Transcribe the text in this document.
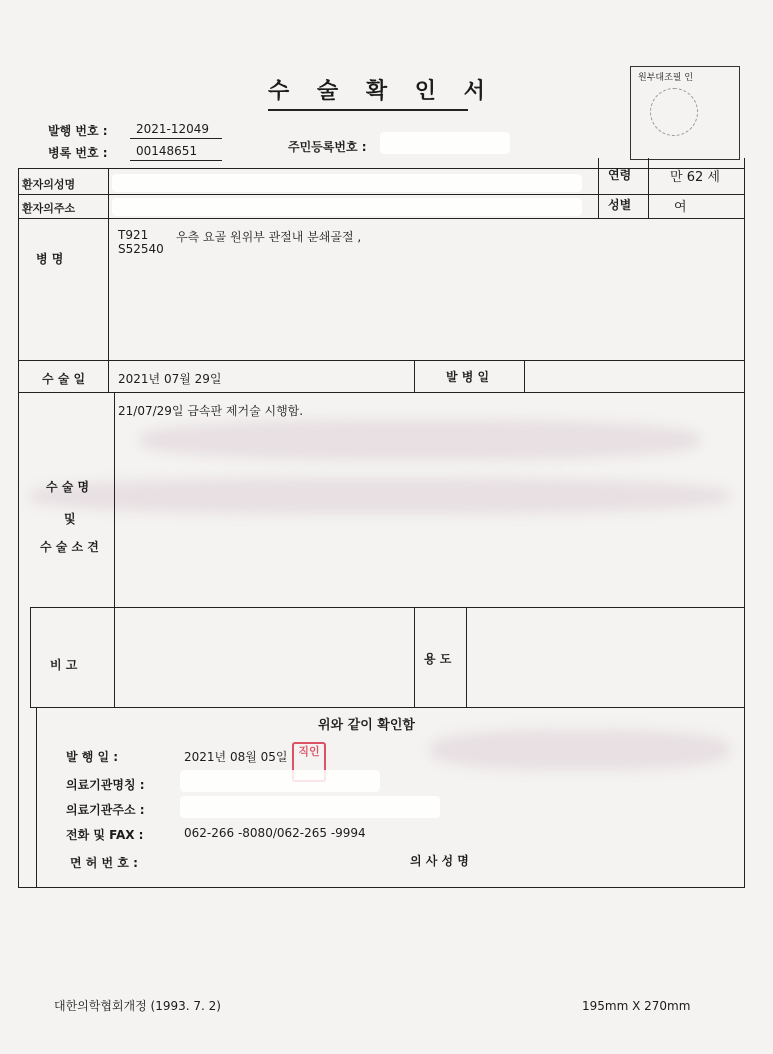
수 술 확 인 서
원부대조필 인
발행 번호 : 2021-12049
병록 번호 : 00148651	주민등록번호 :
환자의성명
환자의주소
연령	만 62 세
성별	여
병 명
T921 우측 요골 원위부 관절내 분쇄골절 ,
S52540
수 술 일	2021년 07월 29일	발 병 일
수 술 명
및
수 술 소 견
21/07/29일 금속판 제거술 시행함.
비 고	용 도
위와 같이 확인함
발 행 일 :	2021년 08월 05일
의료기관명칭 :
의료기관주소 :
전화 및 FAX :	062-266 -8080/062-265 -9994
면 허 번 호 :	의 사 성 명
직인
대한의학협회개정 (1993. 7. 2)	195mm X 270mm
